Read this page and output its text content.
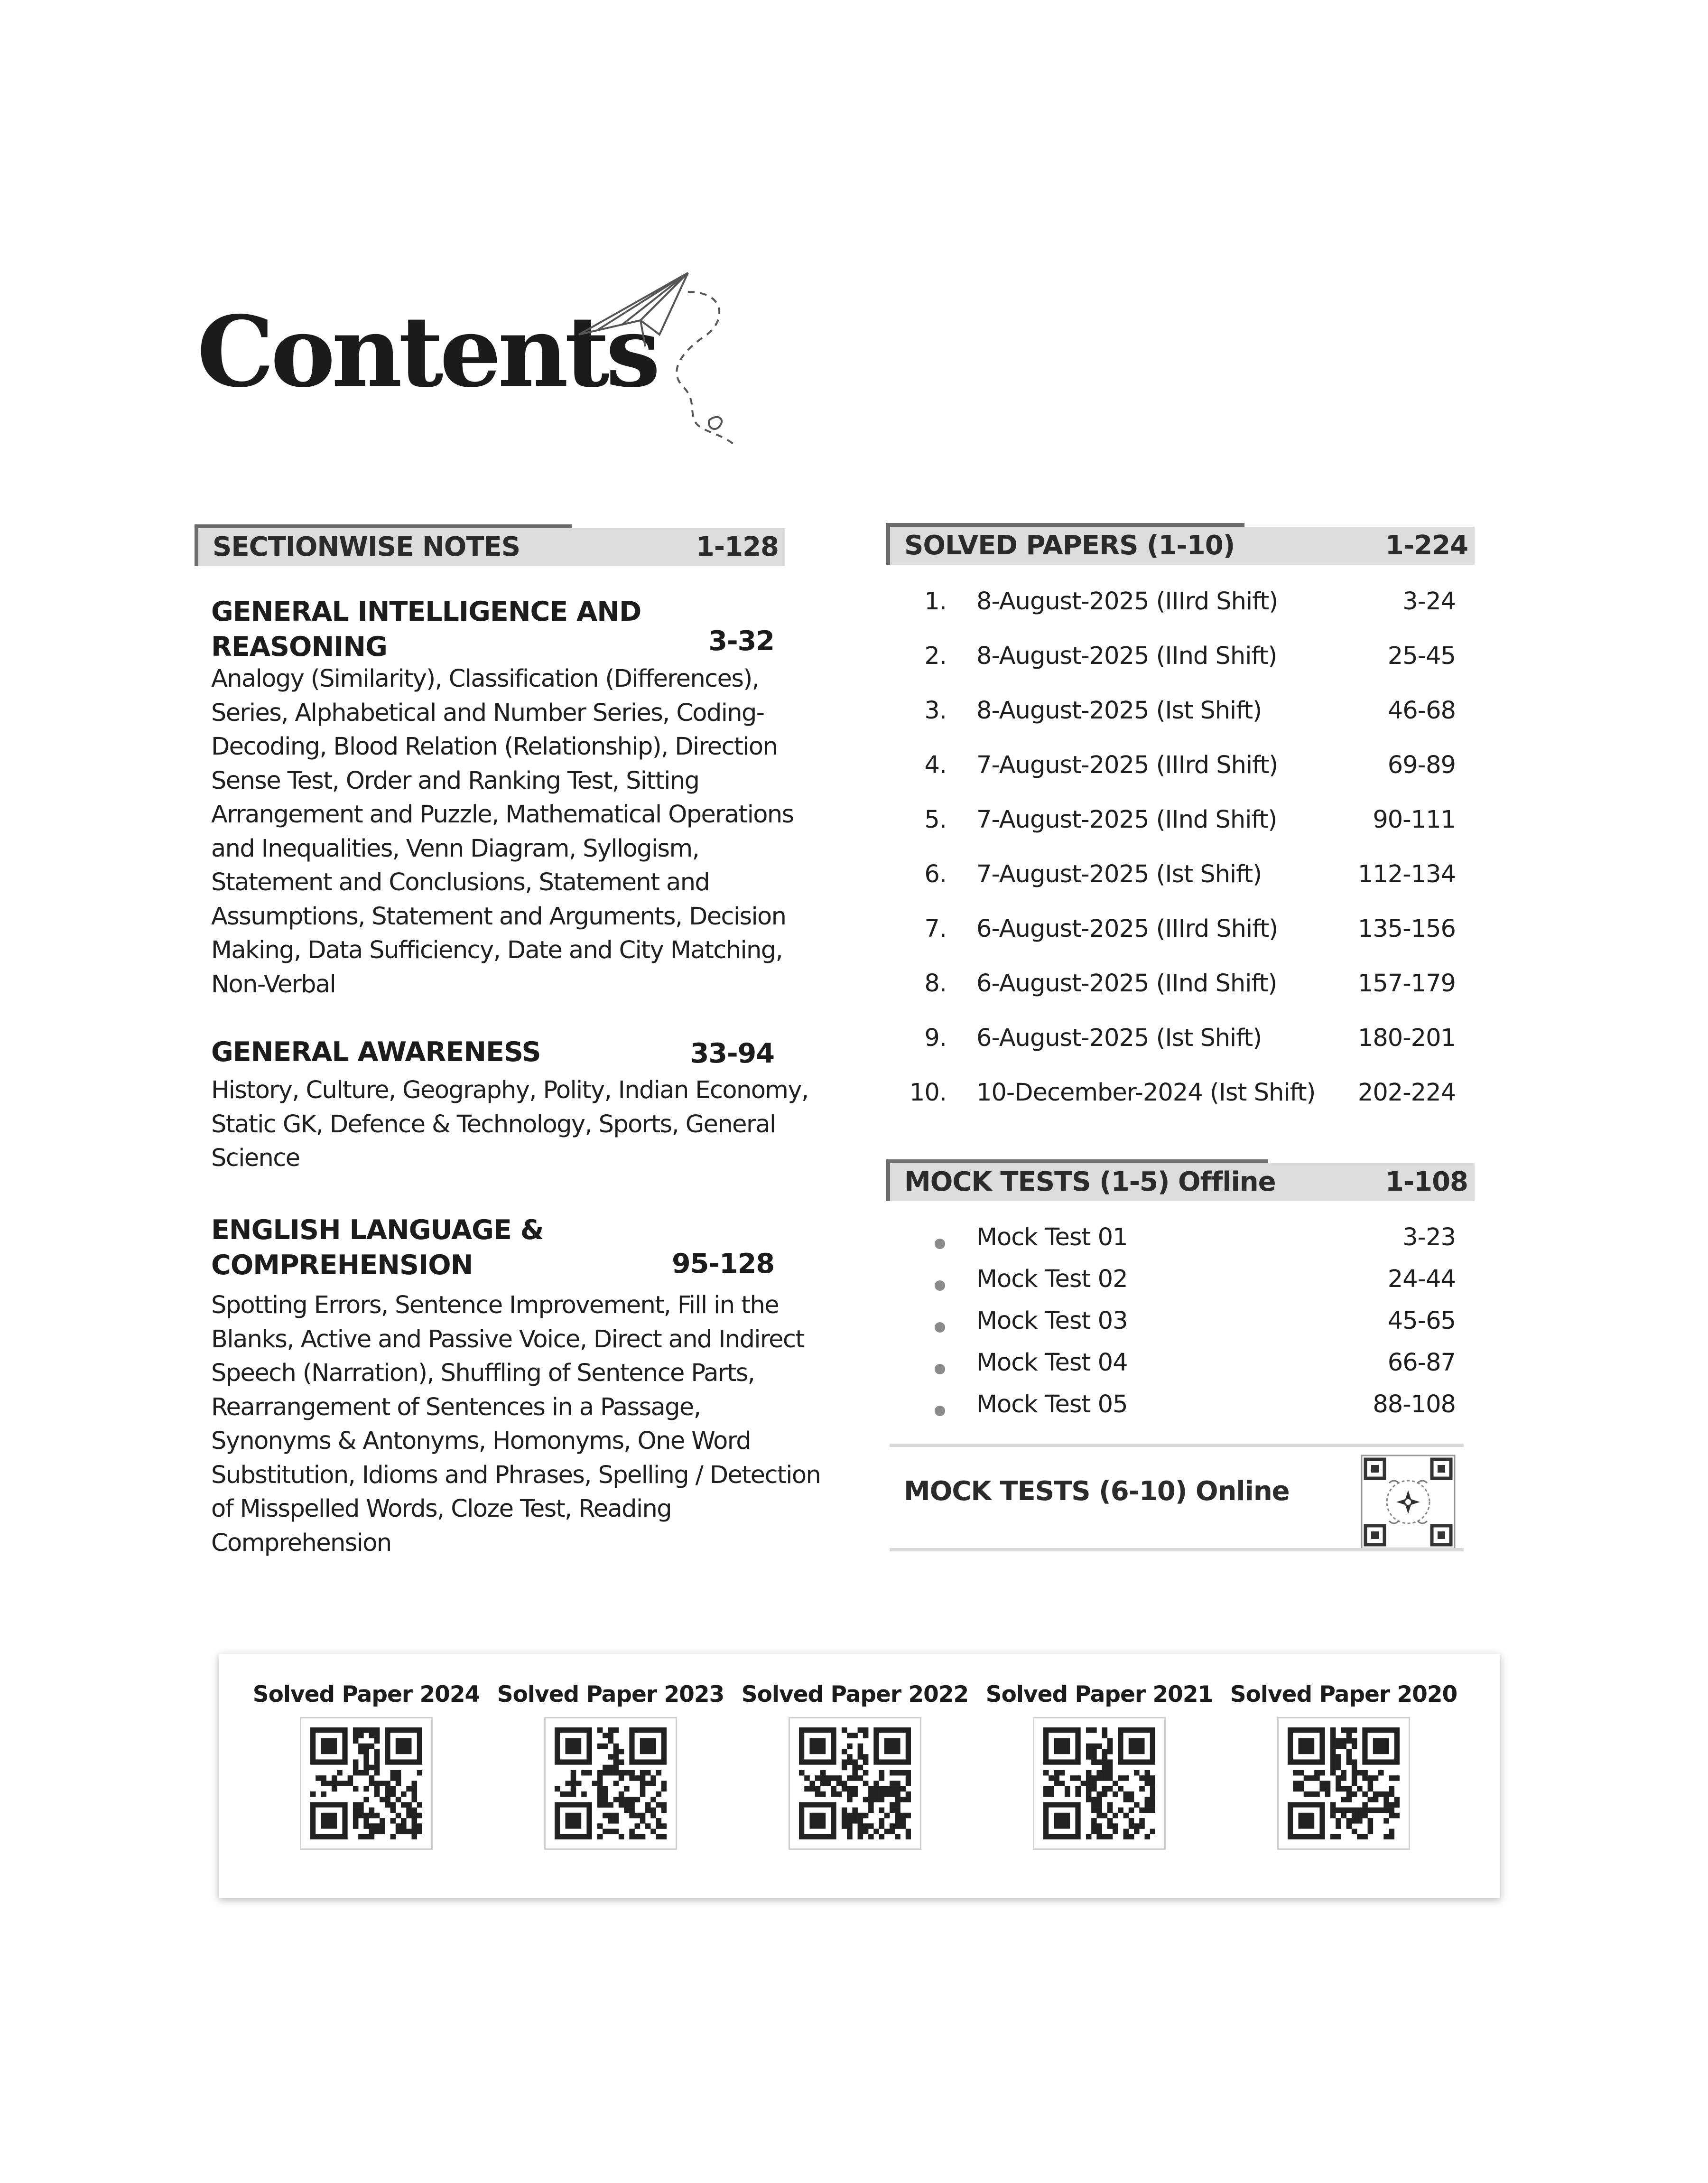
Contents
SECTIONWISE NOTES	1-128
GENERAL INTELLIGENCE AND
REASONING	3-32
Analogy (Similarity), Classification (Differences), Series, Alphabetical and Number Series, Coding-Decoding, Blood Relation (Relationship), Direction Sense Test, Order and Ranking Test, Sitting Arrangement and Puzzle, Mathematical Operations and Inequalities, Venn Diagram, Syllogism, Statement and Conclusions, Statement and Assumptions, Statement and Arguments, Decision Making, Data Sufficiency, Date and City Matching,
Non-Verbal
GENERAL AWARENESS	33-94
History, Culture, Geography, Polity, Indian Economy, Static GK, Defence & Technology, Sports, General Science
ENGLISH LANGUAGE &
COMPREHENSION	95-128
Spotting Errors, Sentence Improvement, Fill in the Blanks, Active and Passive Voice, Direct and Indirect Speech (Narration), Shuffling of Sentence Parts, Rearrangement of Sentences in a Passage, Synonyms & Antonyms, Homonyms, One Word Substitution, Idioms and Phrases, Spelling / Detection of Misspelled Words, Cloze Test, Reading Comprehension
SOLVED PAPERS (1-10)	1-224
1. 8-August-2025 (IIIrd Shift)	3-24
2. 8-August-2025 (IInd Shift)	25-45
3. 8-August-2025 (Ist Shift)	46-68
4. 7-August-2025 (IIIrd Shift)	69-89
5. 7-August-2025 (IInd Shift)	90-111
6. 7-August-2025 (Ist Shift)	112-134
7. 6-August-2025 (IIIrd Shift)	135-156
8. 6-August-2025 (IInd Shift)	157-179
9. 6-August-2025 (Ist Shift)	180-201
10. 10-December-2024 (Ist Shift) 202-224
MOCK TESTS (1-5) Offline	1-108
Mock Test 01	3-23
Mock Test 02	24-44
Mock Test 03	45-65
Mock Test 04	66-87
Mock Test 05	88-108
MOCK TESTS (6-10) Online
Solved Paper 2024 Solved Paper 2023 Solved Paper 2022 Solved Paper 2021 Solved Paper 2020
